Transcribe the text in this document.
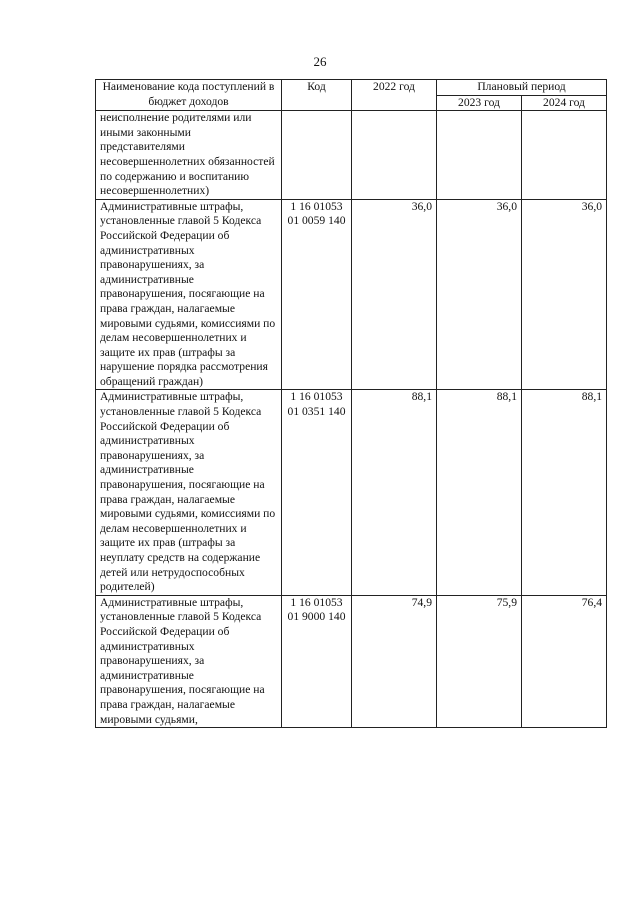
26
Наименование кода поступлений в бюджет доходов	Код	2022 год	Плановый период	
			2023 год	2024 год
неисполнение родителями или иными законными представителями несовершеннолетних обязанностей по содержанию и воспитанию несовершеннолетних)				
Административные штрафы, установленные главой 5 Кодекса Российской Федерации об административных правонарушениях, за административные правонарушения, посягающие на права граждан, налагаемые мировыми судьями, комиссиями по делам несовершеннолетних и защите их прав (штрафы за нарушение порядка рассмотрения обращений граждан)	1 16 01053 01 0059 140	36,0	36,0	36,0
Административные штрафы, установленные главой 5 Кодекса Российской Федерации об административных правонарушениях, за административные правонарушения, посягающие на права граждан, налагаемые мировыми судьями, комиссиями по делам несовершеннолетних и защите их прав (штрафы за неуплату средств на содержание детей или нетрудоспособных родителей)	1 16 01053 01 0351 140	88,1	88,1	88,1
Административные штрафы, установленные главой 5 Кодекса Российской Федерации об административных правонарушениях, за административные правонарушения, посягающие на права граждан, налагаемые мировыми судьями,	1 16 01053 01 9000 140	74,9	75,9	76,4
